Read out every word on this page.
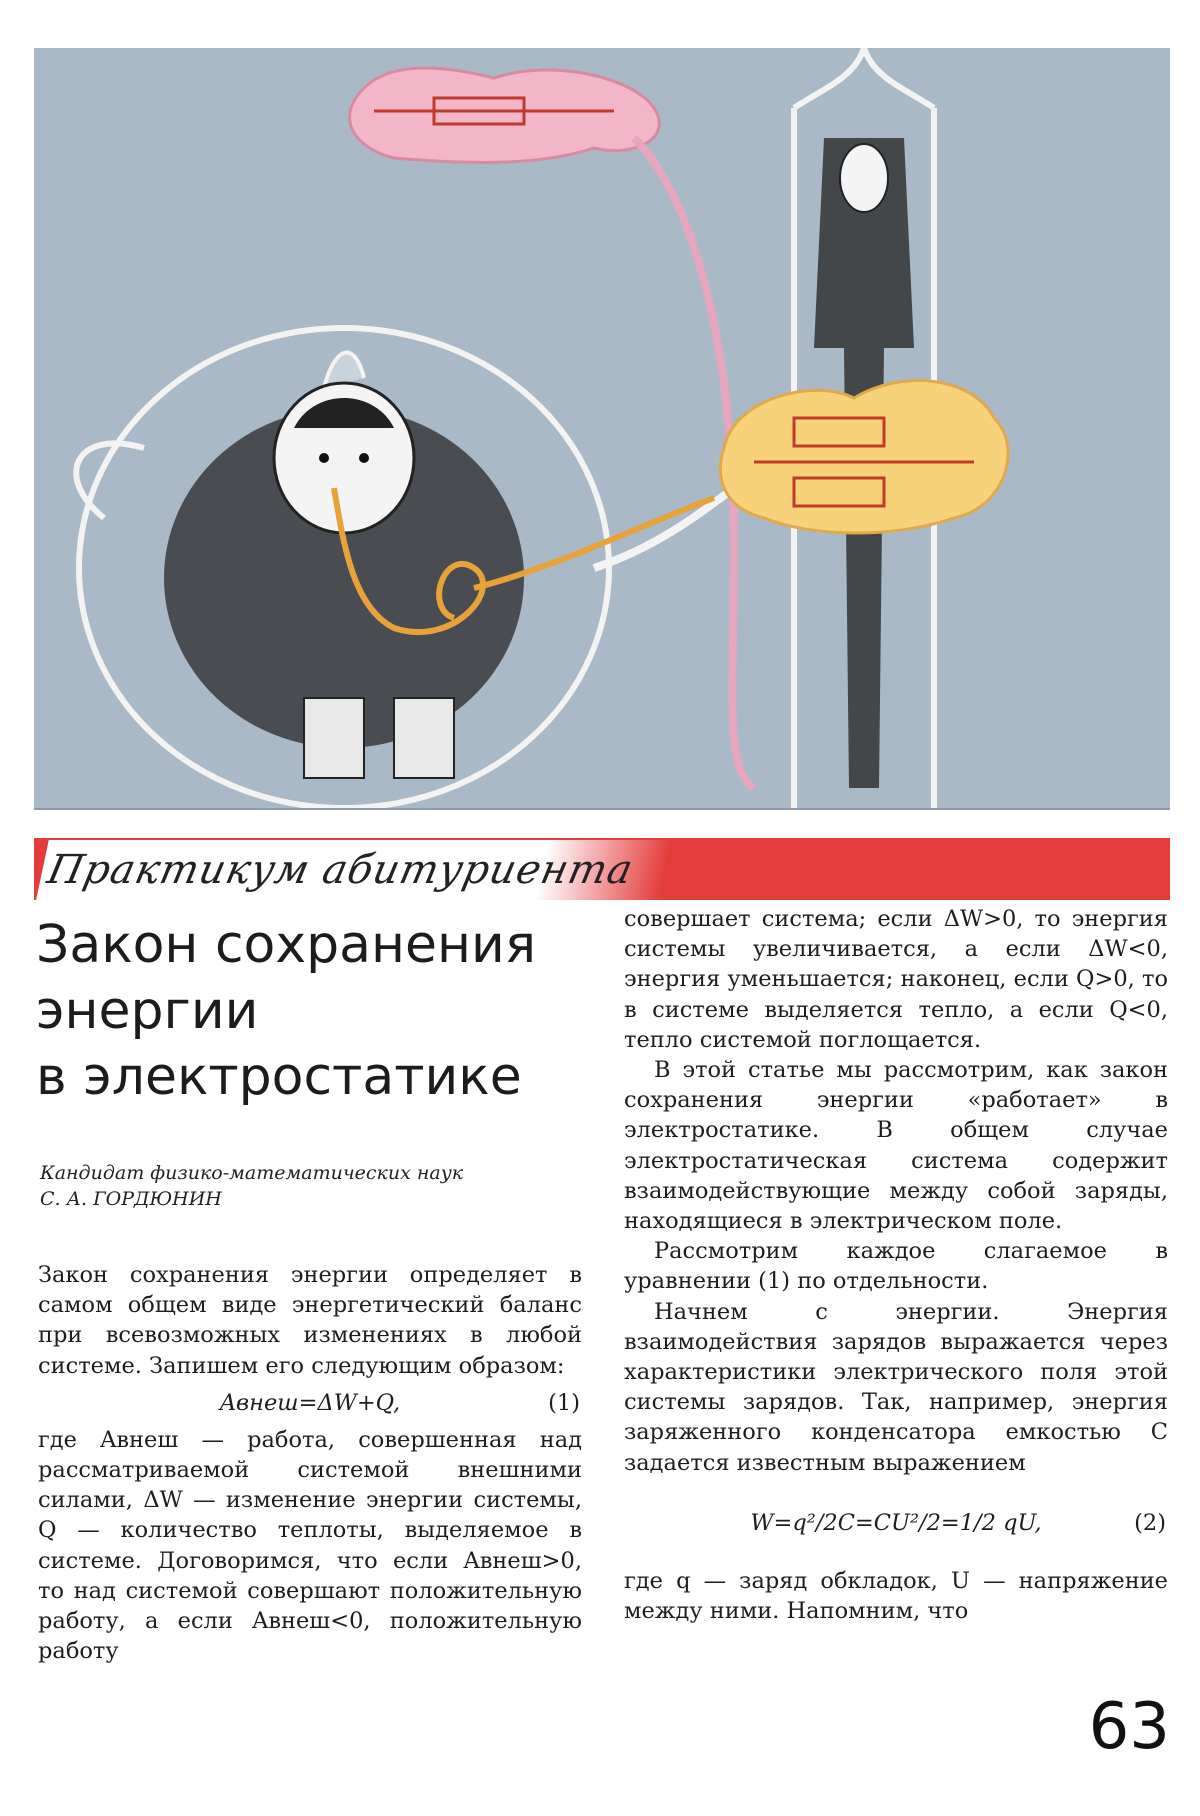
Практикум абитуриента
Закон сохранения
энергии
в электростатике
Кандидат физико-математических наук
С. А. ГОРДЮНИН

Закон сохранения энергии определяет в самом общем виде энергетический баланс при всевозможных изменениях в любой системе. Запишем его следующим образом:

Aвнеш=ΔW+Q,	(1)

где Aвнеш — работа, совершенная над рассматриваемой системой внешними силами, ΔW — изменение энергии системы, Q — количество теплоты, выделяемое в системе. Договоримся, что если Aвнеш>0, то над системой совершают положительную работу, а если Aвнеш<0, положительную работу

совершает система; если ΔW>0, то энергия системы увеличивается, а если ΔW<0, энергия уменьшается; наконец, если Q>0, то в системе выделяется тепло, а если Q<0, тепло системой поглощается.

В этой статье мы рассмотрим, как закон сохранения энергии «работает» в электростатике. В общем случае электростатическая система содержит взаимодействующие между собой заряды, находящиеся в электрическом поле.

Рассмотрим каждое слагаемое в уравнении (1) по отдельности.

Начнем с энергии. Энергия взаимодействия зарядов выражается через характеристики электрического поля этой системы зарядов. Так, например, энергия заряженного конденсатора емкостью C задается известным выражением

W=q²/2C=CU²/2=1/2 qU,	(2)

где q — заряд обкладок, U — напряжение между ними. Напомним, что

63
